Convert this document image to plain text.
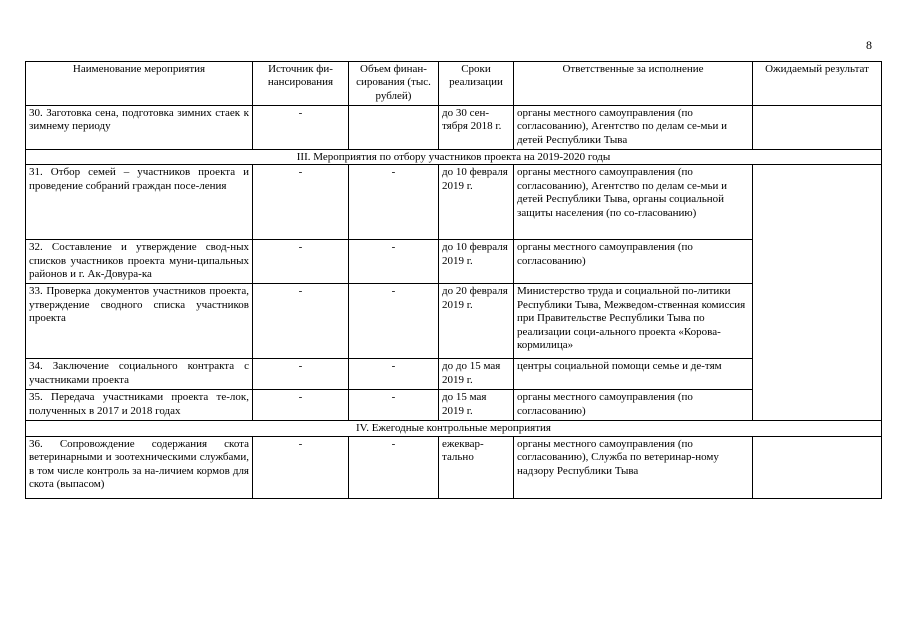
8
Наименование мероприятия	Источник фи-нансирования	Объем финан-сирования (тыс. рублей)	Сроки реализации	Ответственные за исполнение	Ожидаемый результат
30. Заготовка сена, подготовка зимних стаек к зимнему периоду	-		до 30 сен-тября 2018 г.	органы местного самоуправления (по согласованию), Агентство по делам се-мьи и детей Республики Тыва	
III. Мероприятия по отбору участников проекта на 2019-2020 годы					
31. Отбор семей – участников проекта и проведение собраний граждан посе-ления	-	-	до 10 февраля 2019 г.	органы местного самоуправления (по согласованию), Агентство по делам се-мьи и детей Республики Тыва, органы социальной защиты населения (по со-гласованию)	
32. Составление и утверждение свод-ных списков участников проекта муни-ципальных районов и г. Ак-Довура-ка	-	-	до 10 февраля 2019 г.	органы местного самоуправления (по согласованию)	
33. Проверка документов участников проекта, утверждение сводного списка участников проекта	-	-	до 20 февраля 2019 г.	Министерство труда и социальной по-литики Республики Тыва, Межведом-ственная комиссия при Правительстве Республики Тыва по реализации соци-ального проекта «Корова-кормилица»	
34. Заключение социального контракта с участниками проекта	-	-	до до 15 мая 2019 г.	центры социальной помощи семье и де-тям	
35. Передача участниками проекта те-лок, полученных в 2017 и 2018 годах	-	-	до 15 мая 2019 г.	органы местного самоуправления (по согласованию)	
IV. Ежегодные контрольные мероприятия					
36. Сопровождение содержания скота ветеринарными и зоотехническими службами, в том числе контроль за на-личием кормов для скота (выпасом)	-	-	ежеквар-тально	органы местного самоуправления (по согласованию), Служба по ветеринар-ному надзору Республики Тыва	
